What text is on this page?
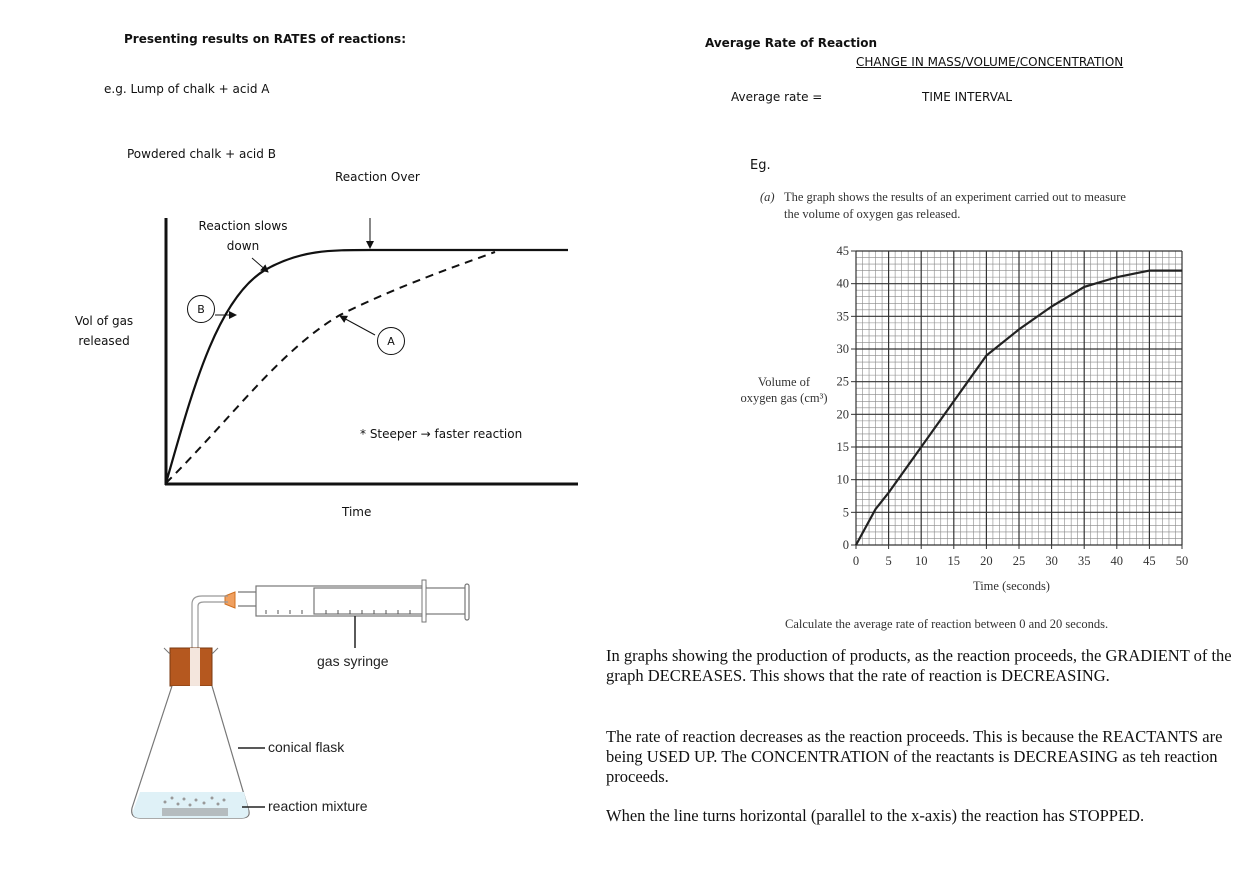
Presenting results on RATES of reactions:
e.g. Lump of chalk + acid A
Powdered chalk + acid B
Reaction Over
Reaction slows down
Vol of gas released
* Steeper → faster reaction
Time
B
A
gas syringe
conical flask
reaction mixture
Average Rate of Reaction
CHANGE IN MASS/VOLUME/CONCENTRATION
Average rate =	TIME INTERVAL
Eg.
(a) The graph shows the results of an experiment carried out to measure
the volume of oxygen gas released.
0 5 10 15 20 25 30 35 40 45 50
0
5
10
15
20
25
30
35
40
45
Volume of oxygen gas (cm³)
Time (seconds)
Calculate the average rate of reaction between 0 and 20 seconds.
In graphs showing the production of products, as the reaction proceeds, the GRADIENT of the graph DECREASES. This shows that the rate of reaction is DECREASING.
The rate of reaction decreases as the reaction proceeds. This is because the REACTANTS are being USED UP. The CONCENTRATION of the reactants is DECREASING as teh reaction proceeds.
When the line turns horizontal (parallel to the x-axis) the reaction has STOPPED.
